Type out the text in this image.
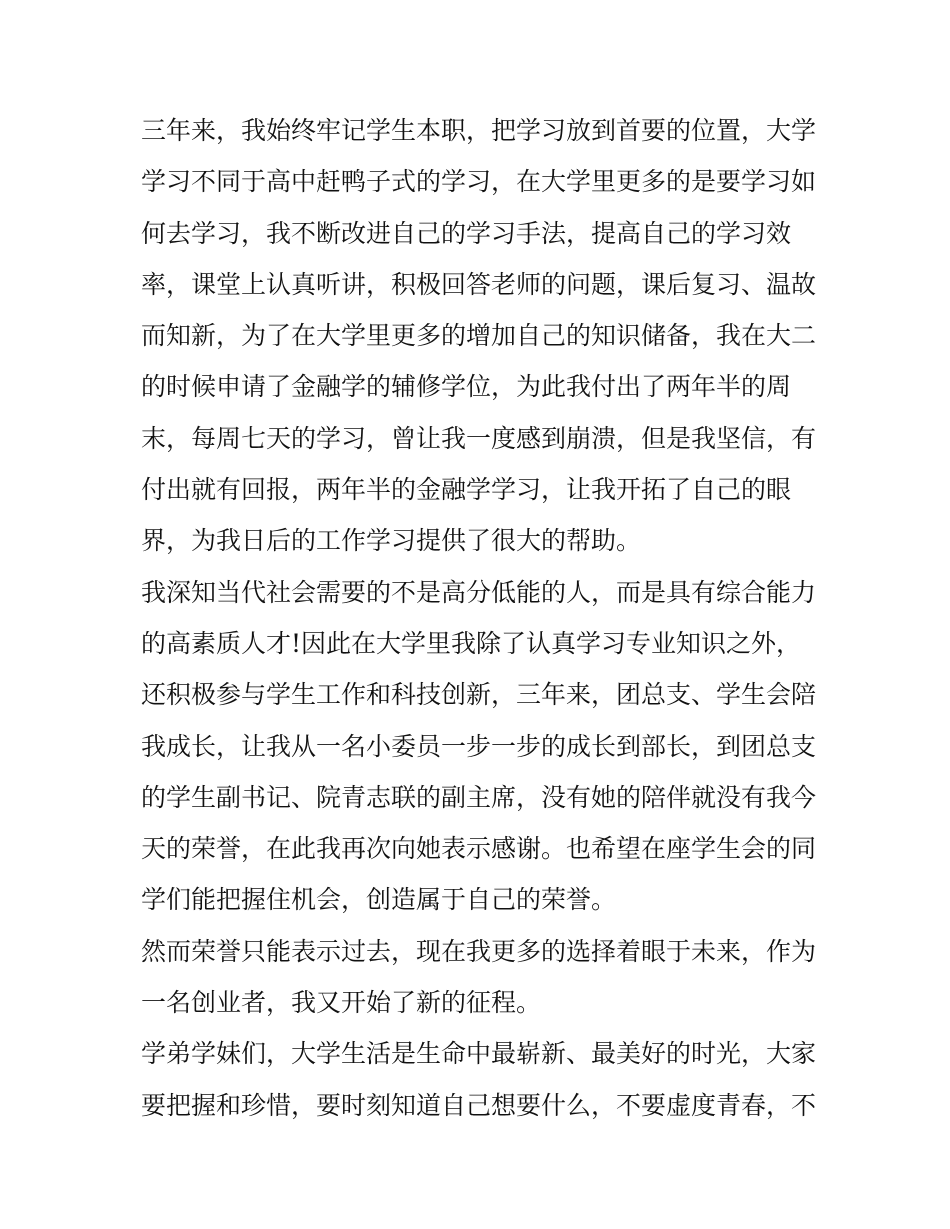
三年来，我始终牢记学生本职，把学习放到首要的位置，大学
学习不同于高中赶鸭子式的学习，在大学里更多的是要学习如
何去学习，我不断改进自己的学习手法，提高自己的学习效
率，课堂上认真听讲，积极回答老师的问题，课后复习、温故
而知新，为了在大学里更多的增加自己的知识储备，我在大二
的时候申请了金融学的辅修学位，为此我付出了两年半的周
末，每周七天的学习，曾让我一度感到崩溃，但是我坚信，有
付出就有回报，两年半的金融学学习，让我开拓了自己的眼
界，为我日后的工作学习提供了很大的帮助。
我深知当代社会需要的不是高分低能的人，而是具有综合能力
的高素质人才!因此在大学里我除了认真学习专业知识之外，
还积极参与学生工作和科技创新，三年来，团总支、学生会陪
我成长，让我从一名小委员一步一步的成长到部长，到团总支
的学生副书记、院青志联的副主席，没有她的陪伴就没有我今
天的荣誉，在此我再次向她表示感谢。也希望在座学生会的同
学们能把握住机会，创造属于自己的荣誉。
然而荣誉只能表示过去，现在我更多的选择着眼于未来，作为
一名创业者，我又开始了新的征程。
学弟学妹们，大学生活是生命中最崭新、最美好的时光，大家
要把握和珍惜，要时刻知道自己想要什么，不要虚度青春，不
